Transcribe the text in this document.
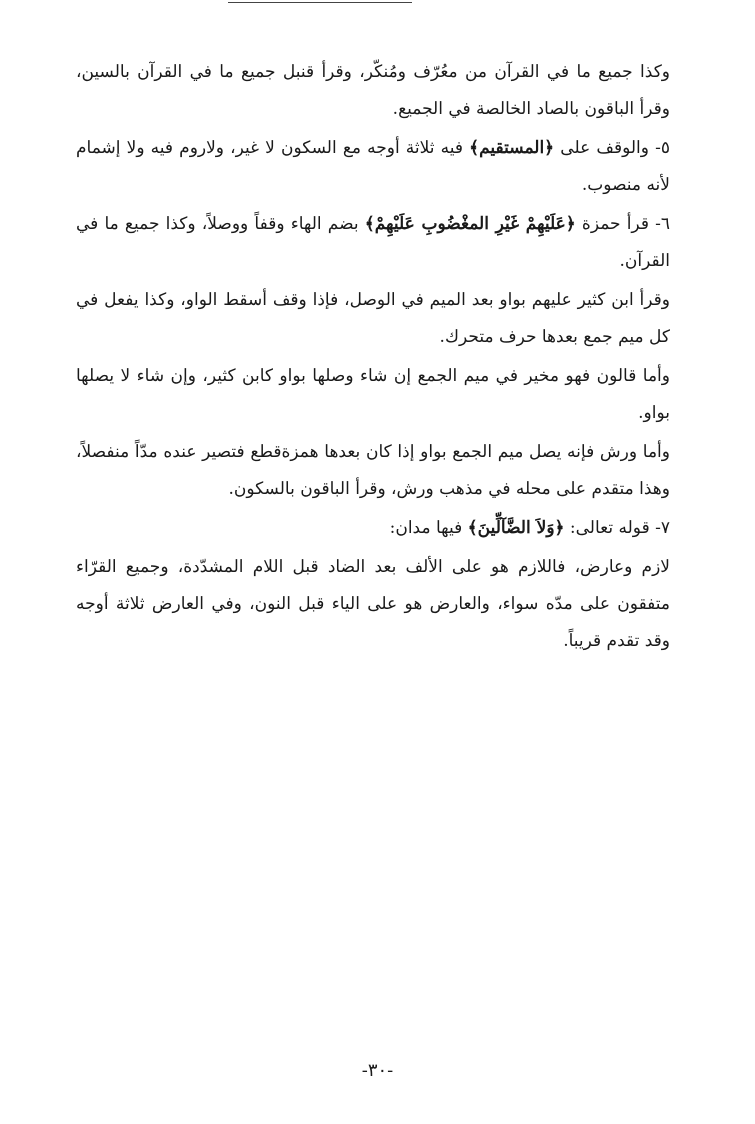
وكذا جميع ما في القرآن من معُرّف ومُنكّر، وقرأ قنبل جميع ما في القرآن بالسين، وقرأ الباقون بالصاد الخالصة في الجميع.

٥- والوقف على ﴿المستقيم﴾ فيه ثلاثة أوجه مع السكون لا غير، ولاروم فيه ولا إشمام لأنه منصوب.

٦- قرأ حمزة ﴿عَلَيْهِمْ غَيْرِ المغْضُوبِ عَلَيْهِمْ﴾ بضم الهاء وقفاً ووصلاً، وكذا جميع ما في القرآن.

وقرأ ابن كثير عليهم بواو بعد الميم في الوصل، فإذا وقف أسقط الواو، وكذا يفعل في كل ميم جمع بعدها حرف متحرك.

وأما قالون فهو مخير في ميم الجمع إن شاء وصلها بواو كابن كثير، وإن شاء لا يصلها بواو.

وأما ورش فإنه يصل ميم الجمع بواو إذا كان بعدها همزةقطع فتصير عنده مدّاً منفصلاً، وهذا متقدم على محله في مذهب ورش، وقرأ الباقون بالسكون.

٧- قوله تعالى: ﴿وَلاَ الضَّآلِّينَ﴾ فيها مدان:

لازم وعارض، فاللازم هو على الألف بعد الضاد قبل اللام المشدّدة، وجميع القرّاء متفقون على مدّه سواء، والعارض هو على الياء قبل النون، وفي العارض ثلاثة أوجه وقد تقدم قريباً.

-٣٠-
